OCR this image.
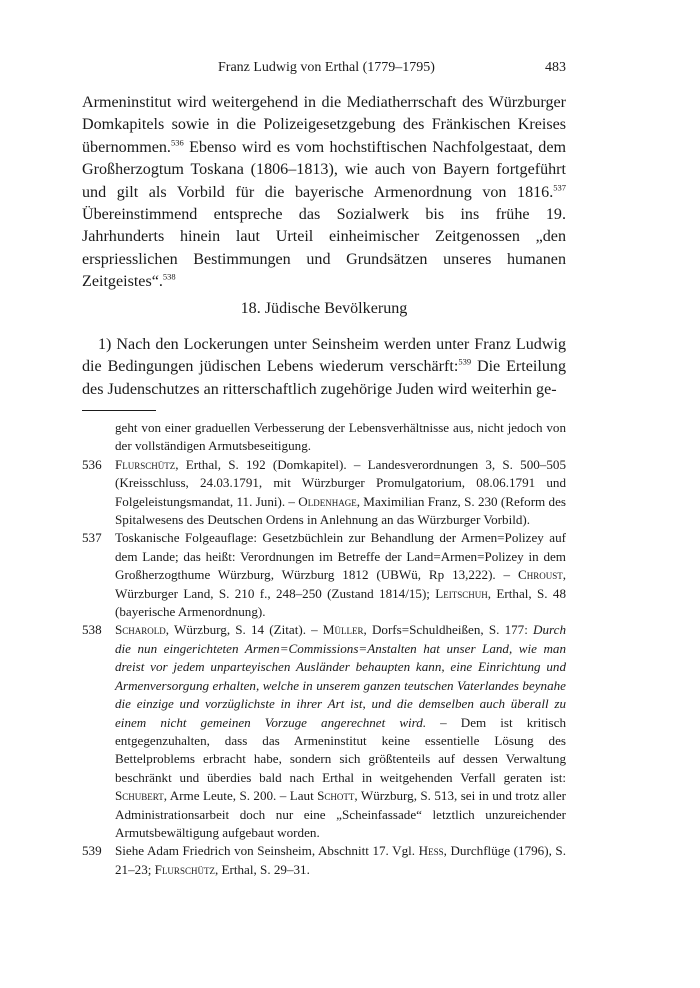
Franz Ludwig von Erthal (1779–1795)	483

Armeninstitut wird weitergehend in die Mediatherrschaft des Würzburger Domkapitels sowie in die Polizeigesetzgebung des Fränkischen Kreises übernommen.$^{536}$ Ebenso wird es vom hochstiftischen Nachfolgestaat, dem Großherzogtum Toskana (1806–1813), wie auch von Bayern fortgeführt und gilt als Vorbild für die bayerische Armenordnung von 1816.$^{537}$ Übereinstimmend entspreche das Sozialwerk bis ins frühe 19. Jahrhunderts hinein laut Urteil einheimischer Zeitgenossen „den erspriesslichen Bestimmungen und Grundsätzen unseres humanen Zeitgeistes“.$^{538}$

18. Jüdische Bevölkerung

1) Nach den Lockerungen unter Seinsheim werden unter Franz Ludwig die Bedingungen jüdischen Lebens wiederum verschärft:$^{539}$ Die Erteilung des Judenschutzes an ritterschaftlich zugehörige Juden wird weiterhin ge-

geht von einer graduellen Verbesserung der Lebensverhältnisse aus, nicht jedoch von der vollständigen Armutsbeseitigung.

536	Flurschütz, Erthal, S. 192 (Domkapitel). – Landesverordnungen 3, S. 500–505 (Kreisschluss, 24.03.1791, mit Würzburger Promulgatorium, 08.06.1791 und Folgeleistungsmandat, 11. Juni). – Oldenhage, Maximilian Franz, S. 230 (Reform des Spitalwesens des Deutschen Ordens in Anlehnung an das Würzburger Vorbild).
537	Toskanische Folgeauflage: Gesetzbüchlein zur Behandlung der Armen=Polizey auf dem Lande; das heißt: Verordnungen im Betreffe der Land=Armen=Polizey in dem Großherzogthume Würzburg, Würzburg 1812 (UBWü, Rp 13,222). – Chroust, Würzburger Land, S. 210 f., 248–250 (Zustand 1814/15); Leitschuh, Erthal, S. 48 (bayerische Armenordnung).
538	Scharold, Würzburg, S. 14 (Zitat). – Müller, Dorfs=Schuldheißen, S. 177: Durch die nun eingerichteten Armen=Commissions=Anstalten hat unser Land, wie man dreist vor jedem unparteyischen Ausländer behaupten kann, eine Einrichtung und Armenversorgung erhalten, welche in unserem ganzen teutschen Vaterlandes beynahe die einzige und vorzüglichste in ihrer Art ist, und die demselben auch überall zu einem nicht gemeinen Vorzuge angerechnet wird. – Dem ist kritisch entgegenzuhalten, dass das Armeninstitut keine essentielle Lösung des Bettelproblems erbracht habe, sondern sich größtenteils auf dessen Verwaltung beschränkt und überdies bald nach Erthal in weitgehenden Verfall geraten ist: Schubert, Arme Leute, S. 200. – Laut Schott, Würzburg, S. 513, sei in und trotz aller Administrationsarbeit doch nur eine „Scheinfassade“ letztlich unzureichender Armutsbewältigung aufgebaut worden.
539	Siehe Adam Friedrich von Seinsheim, Abschnitt 17. Vgl. Hess, Durchflüge (1796), S. 21–23; Flurschütz, Erthal, S. 29–31.
